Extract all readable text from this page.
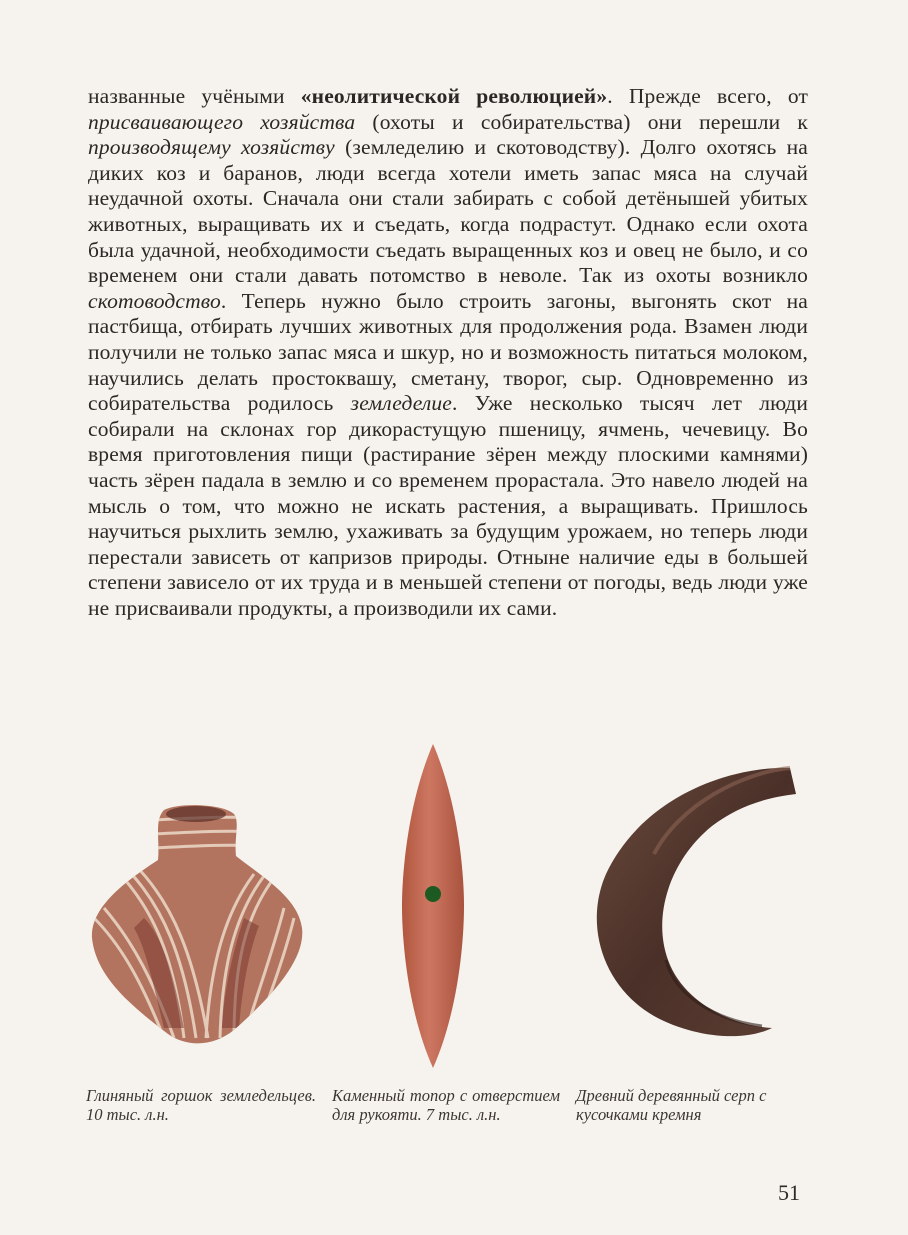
названные учёными «неолитической революцией». Прежде всего, от присваивающего хозяйства (охоты и собирательства) они перешли к производящему хозяйству (земледелию и скотоводству). Долго охотясь на диких коз и баранов, люди всегда хотели иметь запас мяса на случай неудачной охоты. Сначала они стали забирать с собой детёнышей убитых животных, выращивать их и съедать, когда подрастут. Однако если охота была удачной, необходимости съедать выращенных коз и овец не было, и со временем они стали давать потомство в неволе. Так из охоты возникло скотоводство. Теперь нужно было строить загоны, выгонять скот на пастбища, отбирать лучших животных для продолжения рода. Взамен люди получили не только запас мяса и шкур, но и возможность питаться молоком, научились делать простоквашу, сметану, творог, сыр. Одновременно из собирательства родилось земледелие. Уже несколько тысяч лет люди собирали на склонах гор дикорастущую пшеницу, ячмень, чечевицу. Во время приготовления пищи (растирание зёрен между плоскими камнями) часть зёрен падала в землю и со временем прорастала. Это навело людей на мысль о том, что можно не искать растения, а выращивать. Пришлось научиться рыхлить землю, ухаживать за будущим урожаем, но теперь люди перестали зависеть от капризов природы. Отныне наличие еды в большей степени зависело от их труда и в меньшей степени от погоды, ведь люди уже не присваивали продукты, а производили их сами.
Глиняный горшок земледельцев. 10 тыс. л.н.
Каменный топор с отверстием для рукояти. 7 тыс. л.н.
Древний деревянный серп с кусочками кремня
51
